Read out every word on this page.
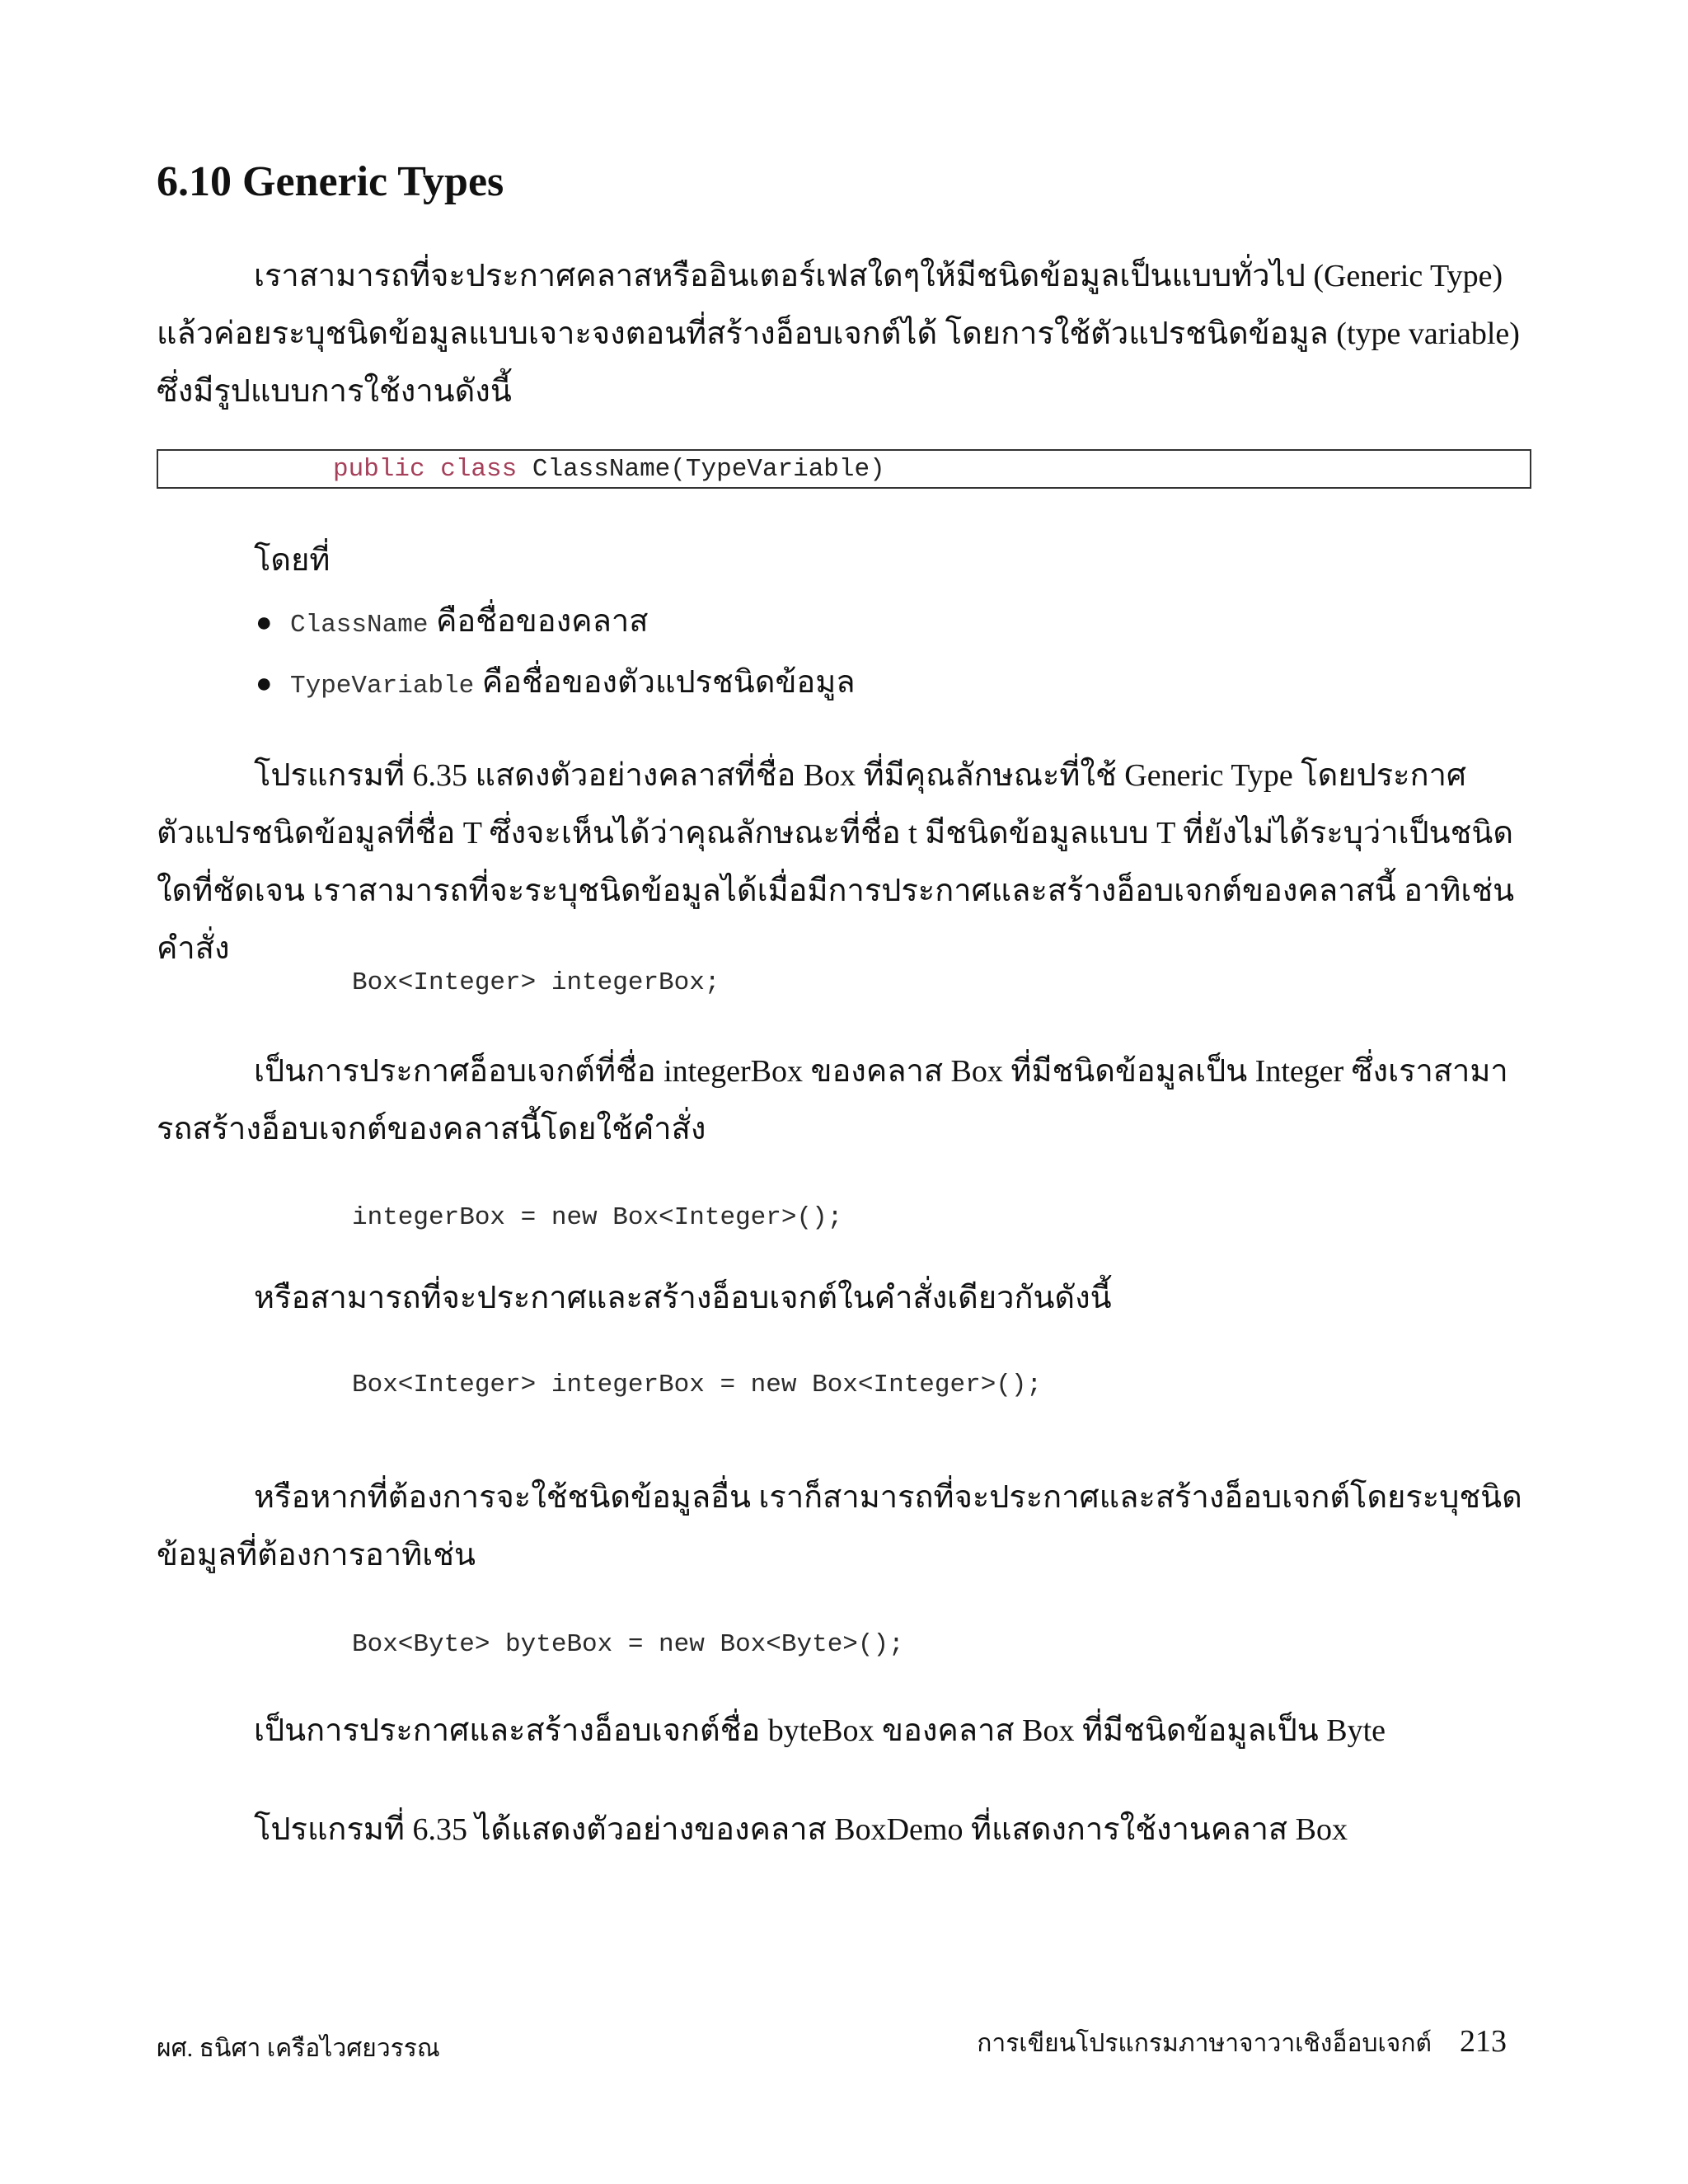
6.10 Generic Types
เราสามารถที่จะประกาศคลาสหรืออินเตอร์เฟสใดๆให้มีชนิดข้อมูลเป็นแบบทั่วไป (Generic Type) แล้วค่อยระบุชนิดข้อมูลแบบเจาะจงตอนที่สร้างอ็อบเจกต์ได้ โดยการใช้ตัวแปรชนิดข้อมูล (type variable) ซึ่งมีรูปแบบการใช้งานดังนี้
public class ClassName(TypeVariable)
โดยที่
● ClassName คือชื่อของคลาส
● TypeVariable คือชื่อของตัวแปรชนิดข้อมูล
โปรแกรมที่ 6.35 แสดงตัวอย่างคลาสที่ชื่อ Box ที่มีคุณลักษณะที่ใช้ Generic Type โดยประกาศตัวแปรชนิดข้อมูลที่ชื่อ T ซึ่งจะเห็นได้ว่าคุณลักษณะที่ชื่อ t มีชนิดข้อมูลแบบ T ที่ยังไม่ได้ระบุว่าเป็นชนิดใดที่ชัดเจน เราสามารถที่จะระบุชนิดข้อมูลได้เมื่อมีการประกาศและสร้างอ็อบเจกต์ของคลาสนี้ อาทิเช่นคำสั่ง
Box<Integer> integerBox;
เป็นการประกาศอ็อบเจกต์ที่ชื่อ integerBox ของคลาส Box ที่มีชนิดข้อมูลเป็น Integer ซึ่งเราสามารถสร้างอ็อบเจกต์ของคลาสนี้โดยใช้คำสั่ง
integerBox = new Box<Integer>();
หรือสามารถที่จะประกาศและสร้างอ็อบเจกต์ในคำสั่งเดียวกันดังนี้
Box<Integer> integerBox = new Box<Integer>();
หรือหากที่ต้องการจะใช้ชนิดข้อมูลอื่น เราก็สามารถที่จะประกาศและสร้างอ็อบเจกต์โดยระบุชนิดข้อมูลที่ต้องการอาทิเช่น
Box<Byte> byteBox = new Box<Byte>();
เป็นการประกาศและสร้างอ็อบเจกต์ชื่อ byteBox ของคลาส Box ที่มีชนิดข้อมูลเป็น Byte
โปรแกรมที่ 6.35 ได้แสดงตัวอย่างของคลาส BoxDemo ที่แสดงการใช้งานคลาส Box
ผศ. ธนิศา เครือไวศยวรรณ	การเขียนโปรแกรมภาษาจาวาเชิงอ็อบเจกต์ 213
